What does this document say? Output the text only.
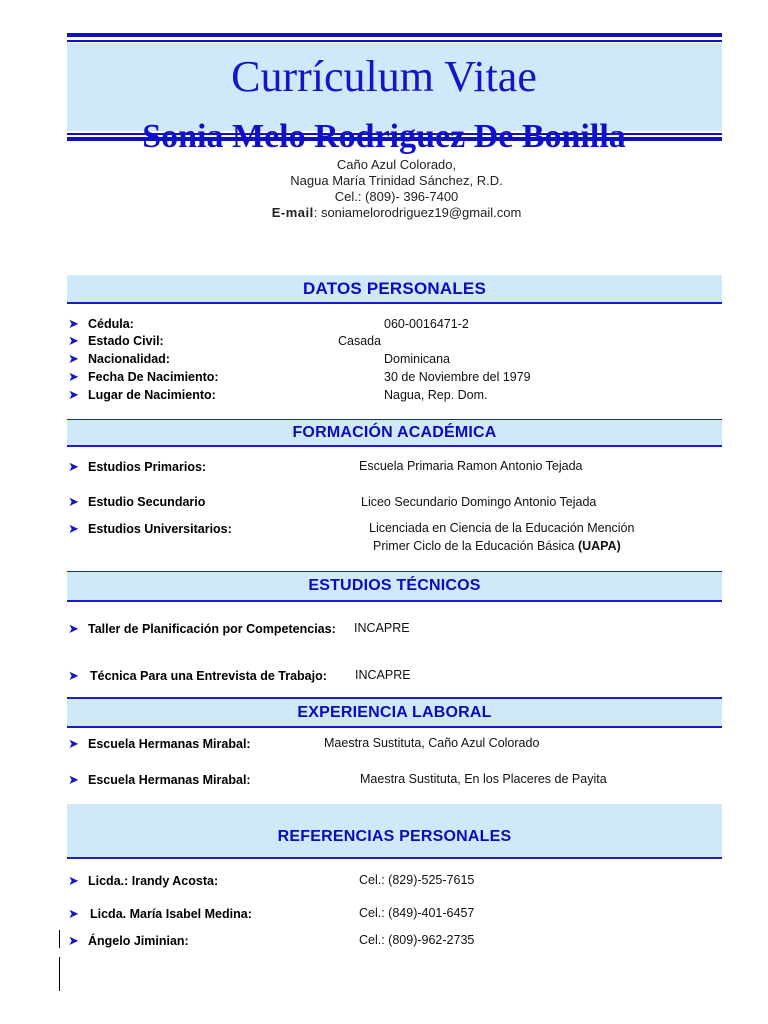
Currículum Vitae
Sonia Melo Rodriguez De Bonilla
Caño Azul Colorado,
Nagua María Trinidad Sánchez, R.D.
Cel.: (809)- 396-7400
E-mail: soniamelorodriguez19@gmail.com
DATOS PERSONALES
➤ Cédula:	060-0016471-2
➤ Estado Civil:	Casada
➤ Nacionalidad:	Dominicana
➤ Fecha De Nacimiento:	30 de Noviembre del 1979
➤ Lugar de Nacimiento:	Nagua, Rep. Dom.
FORMACIÓN ACADÉMICA
➤ Estudios Primarios:	Escuela Primaria Ramon Antonio Tejada
➤ Estudio Secundario	Liceo Secundario Domingo Antonio Tejada
➤ Estudios Universitarios:	Licenciada en Ciencia de la Educación Mención
Primer Ciclo de la Educación Básica (UAPA)
ESTUDIOS TÉCNICOS
➤ Taller de Planificación por Competencias: INCAPRE
➤ Técnica Para una Entrevista de Trabajo: INCAPRE
EXPERIENCIA LABORAL
➤ Escuela Hermanas Mirabal:	Maestra Sustituta, Caño Azul Colorado
➤ Escuela Hermanas Mirabal:	Maestra Sustituta, En los Placeres de Payita
REFERENCIAS PERSONALES
➤ Licda.: Irandy Acosta:	Cel.: (829)-525-7615
➤ Licda. María Isabel Medina:	Cel.: (849)-401-6457
➤ Ángelo Jiminian:	Cel.: (809)-962-2735
